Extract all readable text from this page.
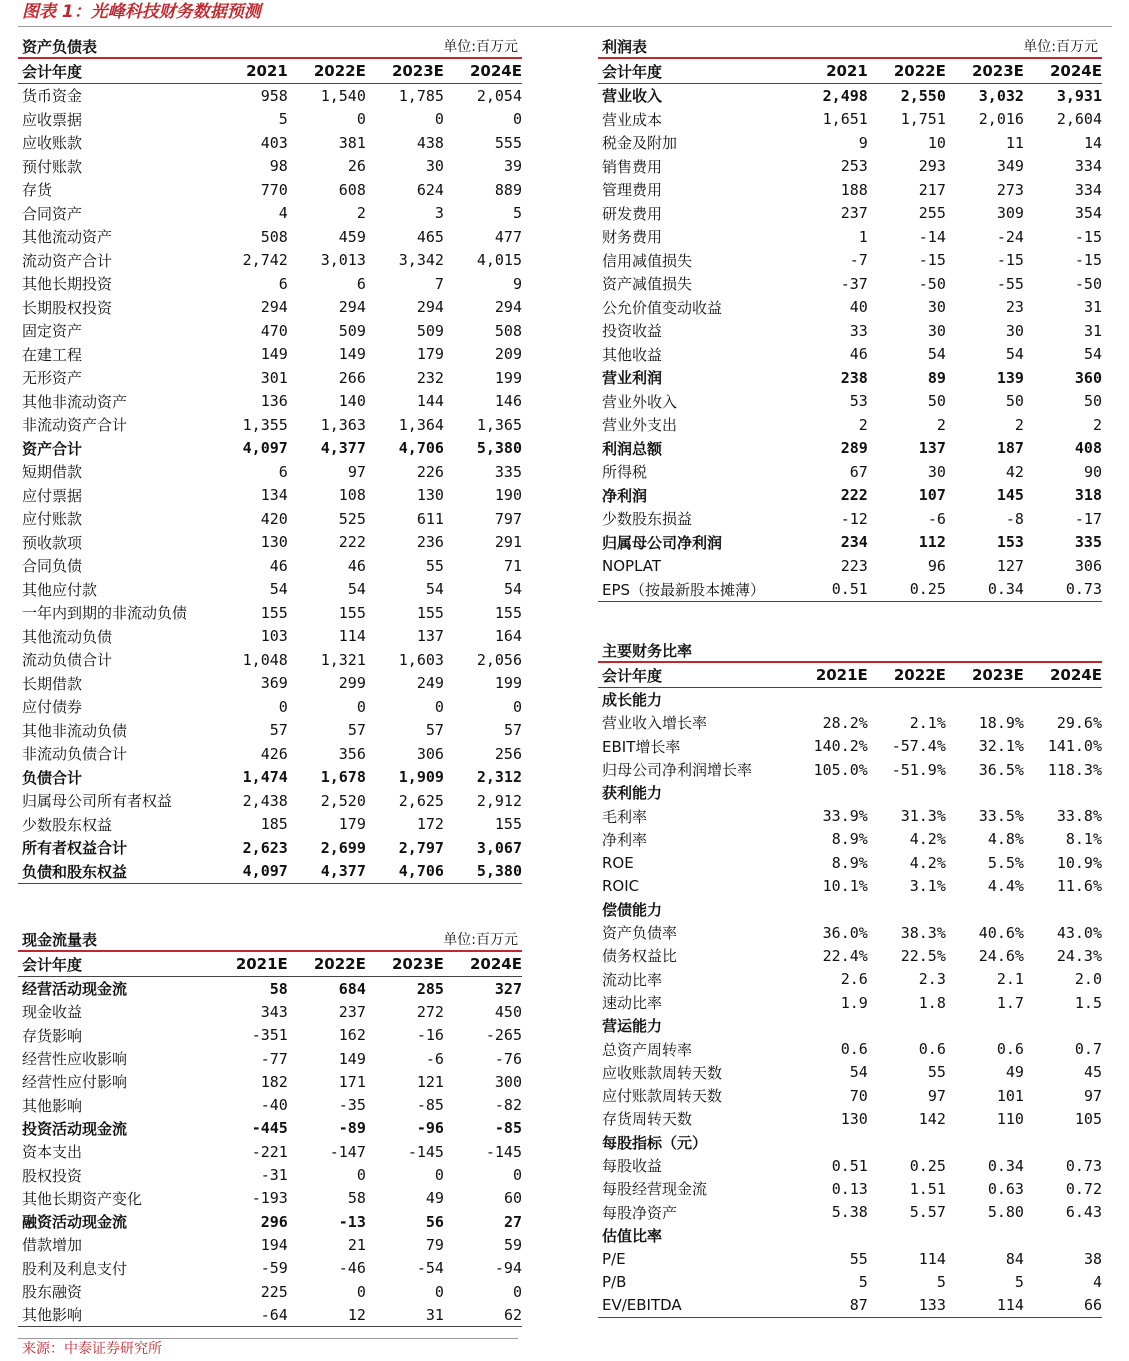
图表 1：光峰科技财务数据预测
资产负债表	单位:百万元
会计年度	2021	2022E	2023E	2024E
货币资金	958	1,540	1,785	2,054
应收票据	5	0	0	0
应收账款	403	381	438	555
预付账款	98	26	30	39
存货	770	608	624	889
合同资产	4	2	3	5
其他流动资产	508	459	465	477
流动资产合计	2,742	3,013	3,342	4,015
其他长期投资	6	6	7	9
长期股权投资	294	294	294	294
固定资产	470	509	509	508
在建工程	149	149	179	209
无形资产	301	266	232	199
其他非流动资产	136	140	144	146
非流动资产合计	1,355	1,363	1,364	1,365
资产合计	4,097	4,377	4,706	5,380
短期借款	6	97	226	335
应付票据	134	108	130	190
应付账款	420	525	611	797
预收款项	130	222	236	291
合同负债	46	46	55	71
其他应付款	54	54	54	54
一年内到期的非流动负债	155	155	155	155
其他流动负债	103	114	137	164
流动负债合计	1,048	1,321	1,603	2,056
长期借款	369	299	249	199
应付债券	0	0	0	0
其他非流动负债	57	57	57	57
非流动负债合计	426	356	306	256
负债合计	1,474	1,678	1,909	2,312
归属母公司所有者权益	2,438	2,520	2,625	2,912
少数股东权益	185	179	172	155
所有者权益合计	2,623	2,699	2,797	3,067
负债和股东权益	4,097	4,377	4,706	5,380
利润表	单位:百万元
会计年度	2021	2022E	2023E	2024E
营业收入	2,498	2,550	3,032	3,931
营业成本	1,651	1,751	2,016	2,604
税金及附加	9	10	11	14
销售费用	253	293	349	334
管理费用	188	217	273	334
研发费用	237	255	309	354
财务费用	1	-14	-24	-15
信用减值损失	-7	-15	-15	-15
资产减值损失	-37	-50	-55	-50
公允价值变动收益	40	30	23	31
投资收益	33	30	30	31
其他收益	46	54	54	54
营业利润	238	89	139	360
营业外收入	53	50	50	50
营业外支出	2	2	2	2
利润总额	289	137	187	408
所得税	67	30	42	90
净利润	222	107	145	318
少数股东损益	-12	-6	-8	-17
归属母公司净利润	234	112	153	335
NOPLAT	223	96	127	306
EPS（按最新股本摊薄）	0.51	0.25	0.34	0.73
主要财务比率
会计年度	2021E	2022E	2023E	2024E
成长能力
营业收入增长率	28.2%	2.1%	18.9%	29.6%
EBIT增长率	140.2%	-57.4%	32.1%	141.0%
归母公司净利润增长率	105.0%	-51.9%	36.5%	118.3%
获利能力
毛利率	33.9%	31.3%	33.5%	33.8%
净利率	8.9%	4.2%	4.8%	8.1%
ROE	8.9%	4.2%	5.5%	10.9%
ROIC	10.1%	3.1%	4.4%	11.6%
偿债能力
资产负债率	36.0%	38.3%	40.6%	43.0%
债务权益比	22.4%	22.5%	24.6%	24.3%
流动比率	2.6	2.3	2.1	2.0
速动比率	1.9	1.8	1.7	1.5
营运能力
总资产周转率	0.6	0.6	0.6	0.7
应收账款周转天数	54	55	49	45
应付账款周转天数	70	97	101	97
存货周转天数	130	142	110	105
每股指标（元）
每股收益	0.51	0.25	0.34	0.73
每股经营现金流	0.13	1.51	0.63	0.72
每股净资产	5.38	5.57	5.80	6.43
估值比率
P/E	55	114	84	38
P/B	5	5	5	4
EV/EBITDA	87	133	114	66
现金流量表	单位:百万元
会计年度	2021E	2022E	2023E	2024E
经营活动现金流	58	684	285	327
现金收益	343	237	272	450
存货影响	-351	162	-16	-265
经营性应收影响	-77	149	-6	-76
经营性应付影响	182	171	121	300
其他影响	-40	-35	-85	-82
投资活动现金流	-445	-89	-96	-85
资本支出	-221	-147	-145	-145
股权投资	-31	0	0	0
其他长期资产变化	-193	58	49	60
融资活动现金流	296	-13	56	27
借款增加	194	21	79	59
股利及利息支付	-59	-46	-54	-94
股东融资	225	0	0	0
其他影响	-64	12	31	62
来源：中泰证券研究所
